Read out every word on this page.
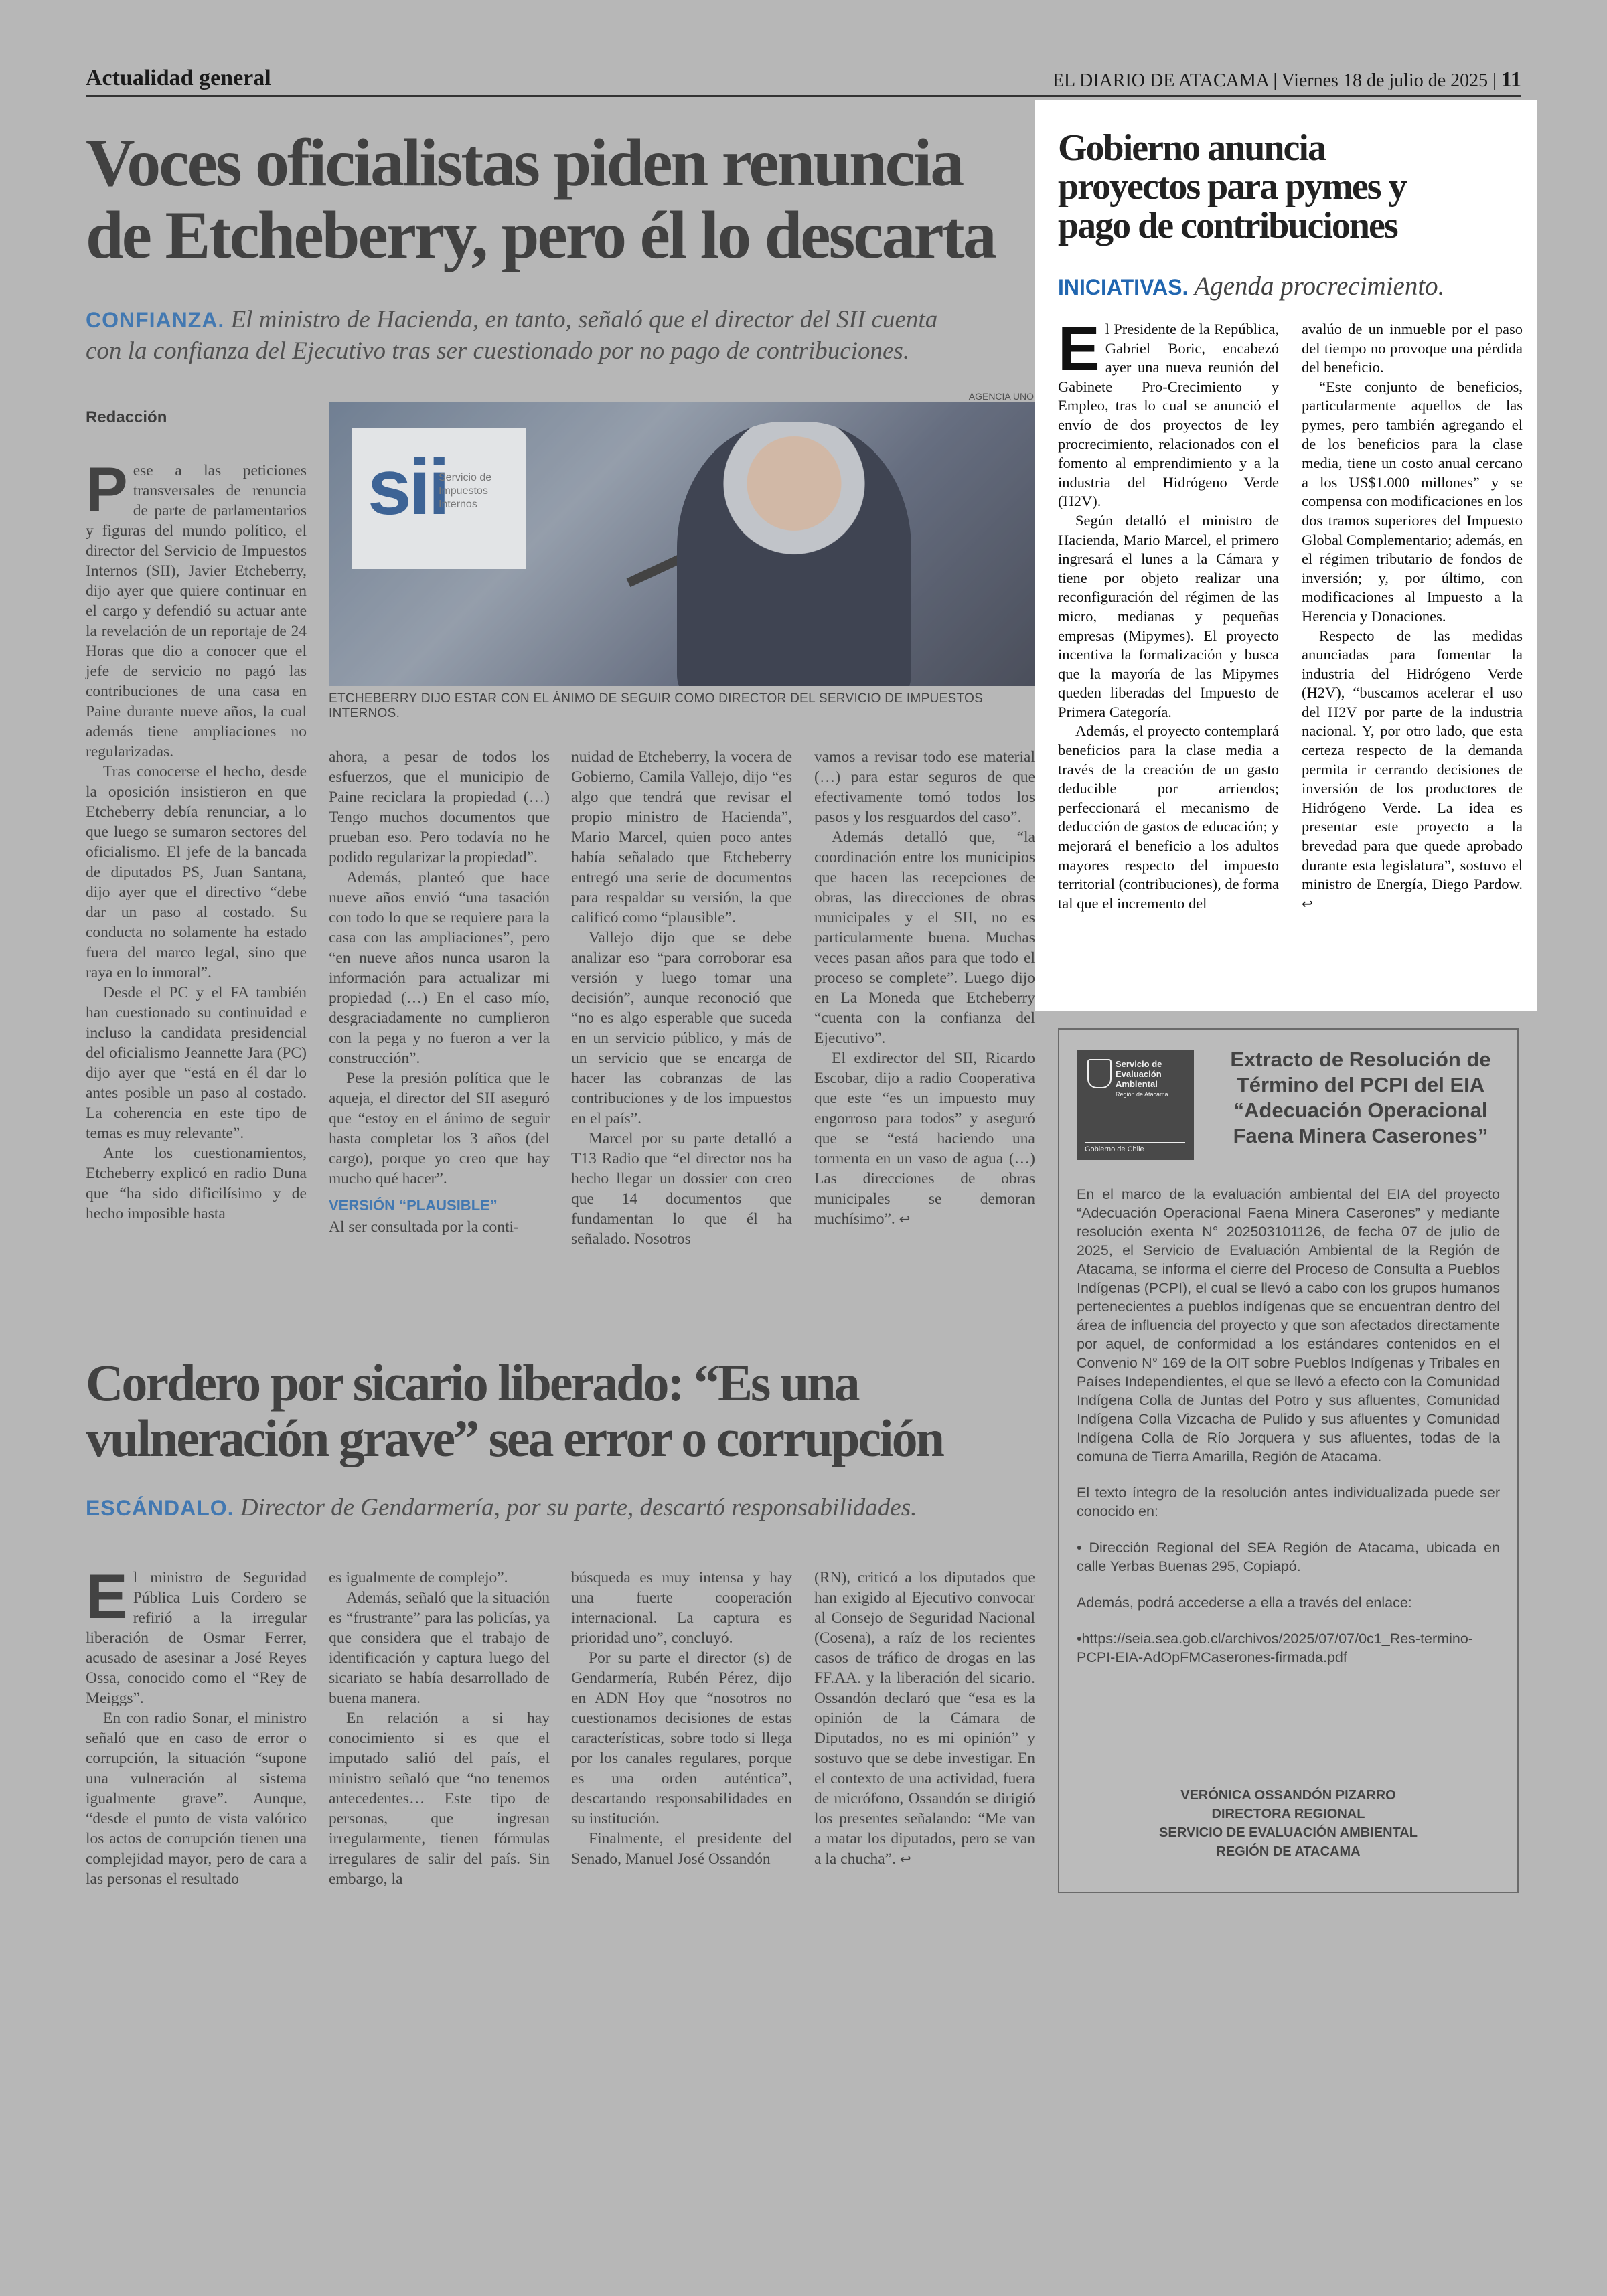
Actualidad general	EL DIARIO DE ATACAMA | Viernes 18 de julio de 2025 | 11
Voces oficialistas piden renuncia
de Etcheberry, pero él lo descarta
CONFIANZA. El ministro de Hacienda, en tanto, señaló que el director del SII cuenta
con la confianza del Ejecutivo tras ser cuestionado por no pago de contribuciones.
Redacción
AGENCIA UNO
sii
Servicio de Impuestos Internos
ETCHEBERRY DIJO ESTAR CON EL ÁNIMO DE SEGUIR COMO DIRECTOR DEL SERVICIO DE IMPUESTOS INTERNOS.

Pese a las peticiones transversales de renuncia de parte de parlamentarios y figuras del mundo político, el director del Servicio de Impuestos Internos (SII), Javier Etcheberry, dijo ayer que quiere continuar en el cargo y defendió su actuar ante la revelación de un reportaje de 24 Horas que dio a conocer que el jefe de servicio no pagó las contribuciones de una casa en Paine durante nueve años, la cual además tiene ampliaciones no regularizadas.

Tras conocerse el hecho, desde la oposición insistieron en que Etcheberry debía renunciar, a lo que luego se sumaron sectores del oficialismo. El jefe de la bancada de diputados PS, Juan Santana, dijo ayer que el directivo “debe dar un paso al costado. Su conducta no solamente ha estado fuera del marco legal, sino que raya en lo inmoral”.

Desde el PC y el FA también han cuestionado su continuidad e incluso la candidata presidencial del oficialismo Jeannette Jara (PC) dijo ayer que “está en él dar lo antes posible un paso al costado. La coherencia en este tipo de temas es muy relevante”.

Ante los cuestionamientos, Etcheberry explicó en radio Duna que “ha sido dificilísimo y de hecho imposible hasta

ahora, a pesar de todos los esfuerzos, que el municipio de Paine reciclara la propiedad (…) Tengo muchos documentos que prueban eso. Pero todavía no he podido regularizar la propiedad”.

Además, planteó que hace nueve años envió “una tasación con todo lo que se requiere para la casa con las ampliaciones”, pero “en nueve años nunca usaron la información para actualizar mi propiedad (…) En el caso mío, desgraciadamente no cumplieron con la pega y no fueron a ver la construcción”.

Pese la presión política que le aqueja, el director del SII aseguró que “estoy en el ánimo de seguir hasta completar los 3 años (del cargo), porque yo creo que hay mucho qué hacer”.

VERSIÓN “PLAUSIBLE”

Al ser consultada por la conti-

nuidad de Etcheberry, la vocera de Gobierno, Camila Vallejo, dijo “es algo que tendrá que revisar el propio ministro de Hacienda”, Mario Marcel, quien poco antes había señalado que Etcheberry entregó una serie de documentos para respaldar su versión, la que calificó como “plausible”.

Vallejo dijo que se debe analizar eso “para corroborar esa versión y luego tomar una decisión”, aunque reconoció que “no es algo esperable que suceda en un servicio público, y más de un servicio que se encarga de hacer las cobranzas de las contribuciones y de los impuestos en el país”.

Marcel por su parte detalló a T13 Radio que “el director nos ha hecho llegar un dossier con creo que 14 documentos que fundamentan lo que él ha señalado. Nosotros

vamos a revisar todo ese material (…) para estar seguros de que efectivamente tomó todos los pasos y los resguardos del caso”.

Además detalló que, “la coordinación entre los municipios que hacen las recepciones de obras, las direcciones de obras municipales y el SII, no es particularmente buena. Muchas veces pasan años para que todo el proceso se complete”. Luego dijo en La Moneda que Etcheberry “cuenta con la confianza del Ejecutivo”.

El exdirector del SII, Ricardo Escobar, dijo a radio Cooperativa que este “es un impuesto muy engorroso para todos” y aseguró que se “está haciendo una tormenta en un vaso de agua (…) Las direcciones de obras municipales se demoran muchísimo”. ↩

Cordero por sicario liberado: “Es una
vulneración grave” sea error o corrupción
ESCÁNDALO. Director de Gendarmería, por su parte, descartó responsabilidades.

El ministro de Seguridad Pública Luis Cordero se refirió a la irregular liberación de Osmar Ferrer, acusado de asesinar a José Reyes Ossa, conocido como el “Rey de Meiggs”.

En con radio Sonar, el ministro señaló que en caso de error o corrupción, la situación “supone una vulneración al sistema igualmente grave”. Aunque, “desde el punto de vista valórico los actos de corrupción tienen una complejidad mayor, pero de cara a las personas el resultado

es igualmente de complejo”.

Además, señaló que la situación es “frustrante” para las policías, ya que considera que el trabajo de identificación y captura luego del sicariato se había desarrollado de buena manera.

En relación a si hay conocimiento si es que el imputado salió del país, el ministro señaló que “no tenemos antecedentes… Este tipo de personas, que ingresan irregularmente, tienen fórmulas irregulares de salir del país. Sin embargo, la

búsqueda es muy intensa y hay una fuerte cooperación internacional. La captura es prioridad uno”, concluyó.

Por su parte el director (s) de Gendarmería, Rubén Pérez, dijo en ADN Hoy que “nosotros no cuestionamos decisiones de estas características, sobre todo si llega por los canales regulares, porque es una orden auténtica”, descartando responsabilidades en su institución.

Finalmente, el presidente del Senado, Manuel José Ossandón

(RN), criticó a los diputados que han exigido al Ejecutivo convocar al Consejo de Seguridad Nacional (Cosena), a raíz de los recientes casos de tráfico de drogas en las FF.AA. y la liberación del sicario. Ossandón declaró que “esa es la opinión de la Cámara de Diputados, no es mi opinión” y sostuvo que se debe investigar. En el contexto de una actividad, fuera de micrófono, Ossandón se dirigió los presentes señalando: “Me van a matar los diputados, pero se van a la chucha”. ↩

Gobierno anuncia
proyectos para pymes y
pago de contribuciones
INICIATIVAS. Agenda procrecimiento.

El Presidente de la República, Gabriel Boric, encabezó ayer una nueva reunión del Gabinete Pro-Crecimiento y Empleo, tras lo cual se anunció el envío de dos proyectos de ley procrecimiento, relacionados con el fomento al emprendimiento y a la industria del Hidrógeno Verde (H2V).

Según detalló el ministro de Hacienda, Mario Marcel, el primero ingresará el lunes a la Cámara y tiene por objeto realizar una reconfiguración del régimen de las micro, medianas y pequeñas empresas (Mipymes). El proyecto incentiva la formalización y busca que la mayoría de las Mipymes queden liberadas del Impuesto de Primera Categoría.

Además, el proyecto contemplará beneficios para la clase media a través de la creación de un gasto deducible por arriendos; perfeccionará el mecanismo de deducción de gastos de educación; y mejorará el beneficio a los adultos mayores respecto del impuesto territorial (contribuciones), de forma tal que el incremento del

avalúo de un inmueble por el paso del tiempo no provoque una pérdida del beneficio.

“Este conjunto de beneficios, particularmente aquellos de las pymes, pero también agregando el de los beneficios para la clase media, tiene un costo anual cercano a los US$1.000 millones” y se compensa con modificaciones en los dos tramos superiores del Impuesto Global Complementario; además, en el régimen tributario de fondos de inversión; y, por último, con modificaciones al Impuesto a la Herencia y Donaciones.

Respecto de las medidas anunciadas para fomentar la industria del Hidrógeno Verde (H2V), “buscamos acelerar el uso del H2V por parte de la industria nacional. Y, por otro lado, que esta certeza respecto de la demanda permita ir cerrando decisiones de inversión de los productores de Hidrógeno Verde. La idea es presentar este proyecto a la brevedad para que quede aprobado durante esta legislatura”, sostuvo el ministro de Energía, Diego Pardow. ↩

Servicio de
Evaluación
Ambiental
Región de Atacama
Gobierno de Chile
Extracto de Resolución de
Término del PCPI del EIA
“Adecuación Operacional
Faena Minera Caserones”

En el marco de la evaluación ambiental del EIA del proyecto “Adecuación Operacional Faena Minera Caserones” y mediante resolución exenta N° 202503101126, de fecha 07 de julio de 2025, el Servicio de Evaluación Ambiental de la Región de Atacama, se informa el cierre del Proceso de Consulta a Pueblos Indígenas (PCPI), el cual se llevó a cabo con los grupos humanos pertenecientes a pueblos indígenas que se encuentran dentro del área de influencia del proyecto y que son afectados directamente por aquel, de conformidad a los estándares contenidos en el Convenio N° 169 de la OIT sobre Pueblos Indígenas y Tribales en Países Independientes, el que se llevó a efecto con la Comunidad Indígena Colla de Juntas del Potro y sus afluentes, Comunidad Indígena Colla Vizcacha de Pulido y sus afluentes y Comunidad Indígena Colla de Río Jorquera y sus afluentes, todas de la comuna de Tierra Amarilla, Región de Atacama.

El texto íntegro de la resolución antes individualizada puede ser conocido en:

• Dirección Regional del SEA Región de Atacama, ubicada en calle Yerbas Buenas 295, Copiapó.

Además, podrá accederse a ella a través del enlace:

•https://seia.sea.gob.cl/archivos/2025/07/07/0c1_Res-termino-PCPI-EIA-AdOpFMCaserones-firmada.pdf

VERÓNICA OSSANDÓN PIZARRO
DIRECTORA REGIONAL
SERVICIO DE EVALUACIÓN AMBIENTAL
REGIÓN DE ATACAMA
